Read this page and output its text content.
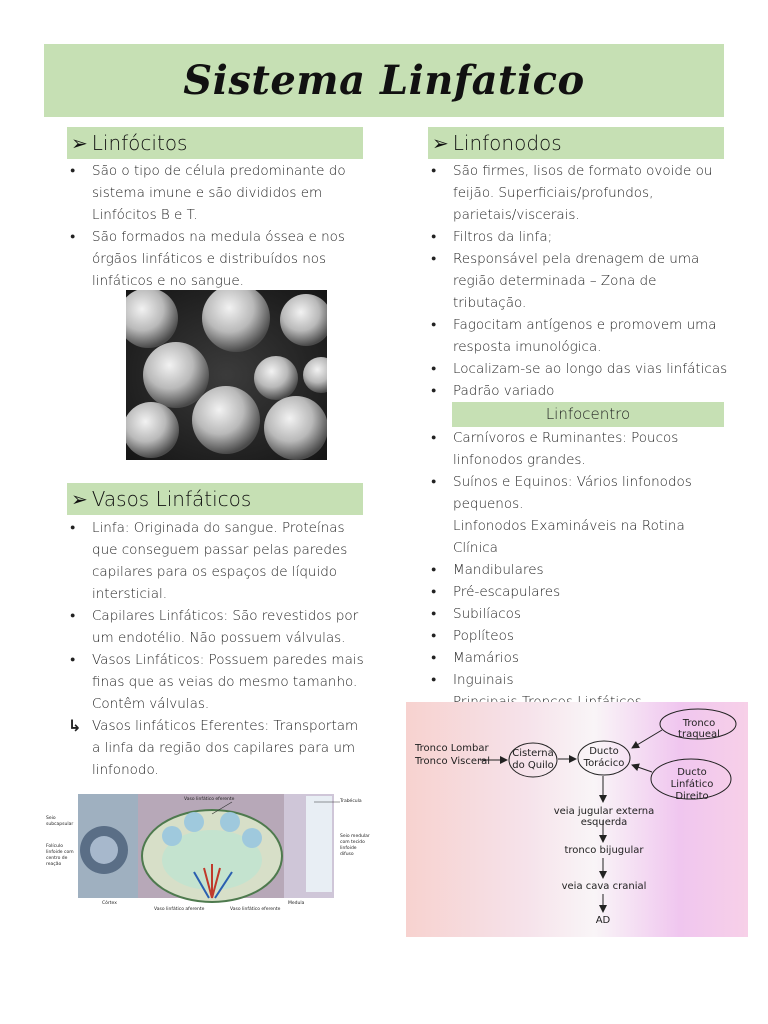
Sistema Linfatico
➢ Linfócitos
● São o tipo de célula predominante do sistema imune e são divididos em Linfócitos B e T.
● São formados na medula óssea e nos órgãos linfáticos e distribuídos nos linfáticos e no sangue.
➢ Vasos Linfáticos
● Linfa: Originada do sangue. Proteínas que conseguem passar pelas paredes capilares para os espaços de líquido intersticial.
● Capilares Linfáticos: São revestidos por um endotélio. Não possuem válvulas.
● Vasos Linfáticos: Possuem paredes mais finas que as veias do mesmo tamanho. Contêm válvulas.
↳ Vasos linfáticos Eferentes: Transportam a linfa da região dos capilares para um linfonodo.
Vaso linfático eferente	Trabécula
Seio subcapsular
Folículo linfoide com centro de reação
Seio medular com tecido linfoide difuso
Córtex
Vaso linfático aferente	Vaso linfático eferente
Medula
➢ Linfonodos
● São firmes, lisos de formato ovoide ou feijão. Superficiais/profundos, parietais/viscerais.
● Filtros da linfa;
● Responsável pela drenagem de uma região determinada – Zona de tributação.
● Fagocitam antígenos e promovem uma resposta imunológica.
● Localizam-se ao longo das vias linfáticas
● Padrão variado
Linfocentro
● Carnívoros e Ruminantes: Poucos linfonodos grandes.
● Suínos e Equinos: Vários linfonodos pequenos.
Linfonodos Examináveis na Rotina Clínica
● Mandibulares
● Pré-escapulares
● Subilíacos
● Poplíteos
● Mamários
● Inguinais
Tronco Lombar
Tronco Visceral
Cisterna
do Quilo
Ducto
Torácico
Tronco traqueal
Ducto Linfático
Direito
veia jugular externa esquerda
tronco bijugular
veia cava cranial
AD
